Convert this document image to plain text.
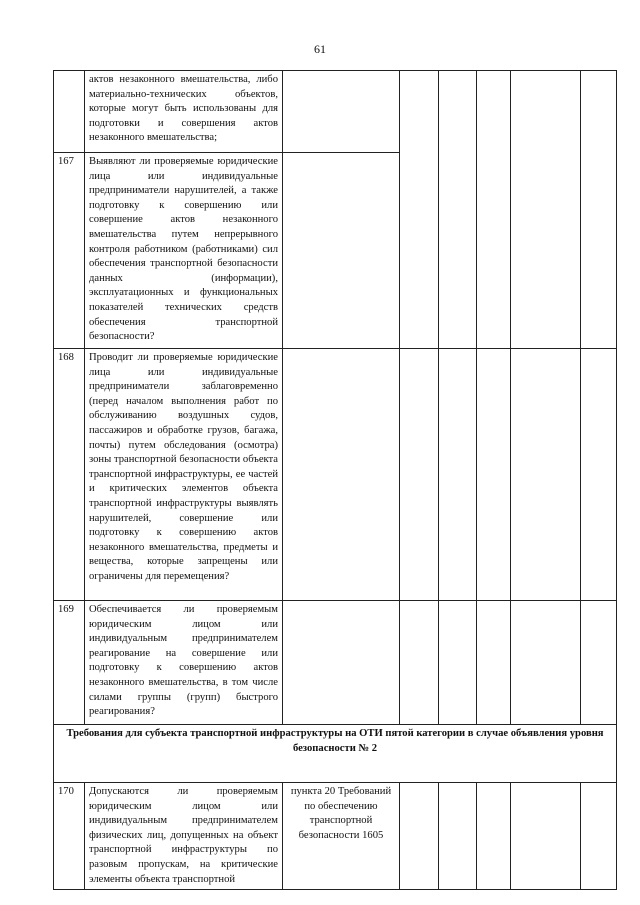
61
	актов незаконного вмешательства, либо материально-технических объектов, которые могут быть использованы для подготовки и совершения актов незаконного вмешательства;						
167	Выявляют ли проверяемые юридические лица или индивидуальные предприниматели нарушителей, а также подготовку к совершению или совершение актов незаконного вмешательства путем непрерывного контроля работником (работниками) сил обеспечения транспортной безопасности данных (информации), эксплуатационных и функциональных показателей технических средств обеспечения транспортной безопасности?						
168	Проводит ли проверяемые юридические лица или индивидуальные предприниматели заблаговременно (перед началом выполнения работ по обслуживанию воздушных судов, пассажиров и обработке грузов, багажа, почты) путем обследования (осмотра) зоны транспортной безопасности объекта транспортной инфраструктуры, ее частей и критических элементов объекта транспортной инфраструктуры выявлять нарушителей, совершение или подготовку к совершению актов незаконного вмешательства, предметы и вещества, которые запрещены или ограничены для перемещения?						
169	Обеспечивается ли проверяемым юридическим лицом или индивидуальным предпринимателем реагирование на совершение или подготовку к совершению актов незаконного вмешательства, в том числе силами группы (групп) быстрого реагирования?						
Требования для субъекта транспортной инфраструктуры на ОТИ пятой категории в случае объявления уровня безопасности № 2							
170	Допускаются ли проверяемым юридическим лицом или индивидуальным предпринимателем физических лиц, допущенных на объект транспортной инфраструктуры по разовым пропускам, на критические элементы объекта транспортной	пункта 20 Требований по обеспечению транспортной безопасности 1605					
